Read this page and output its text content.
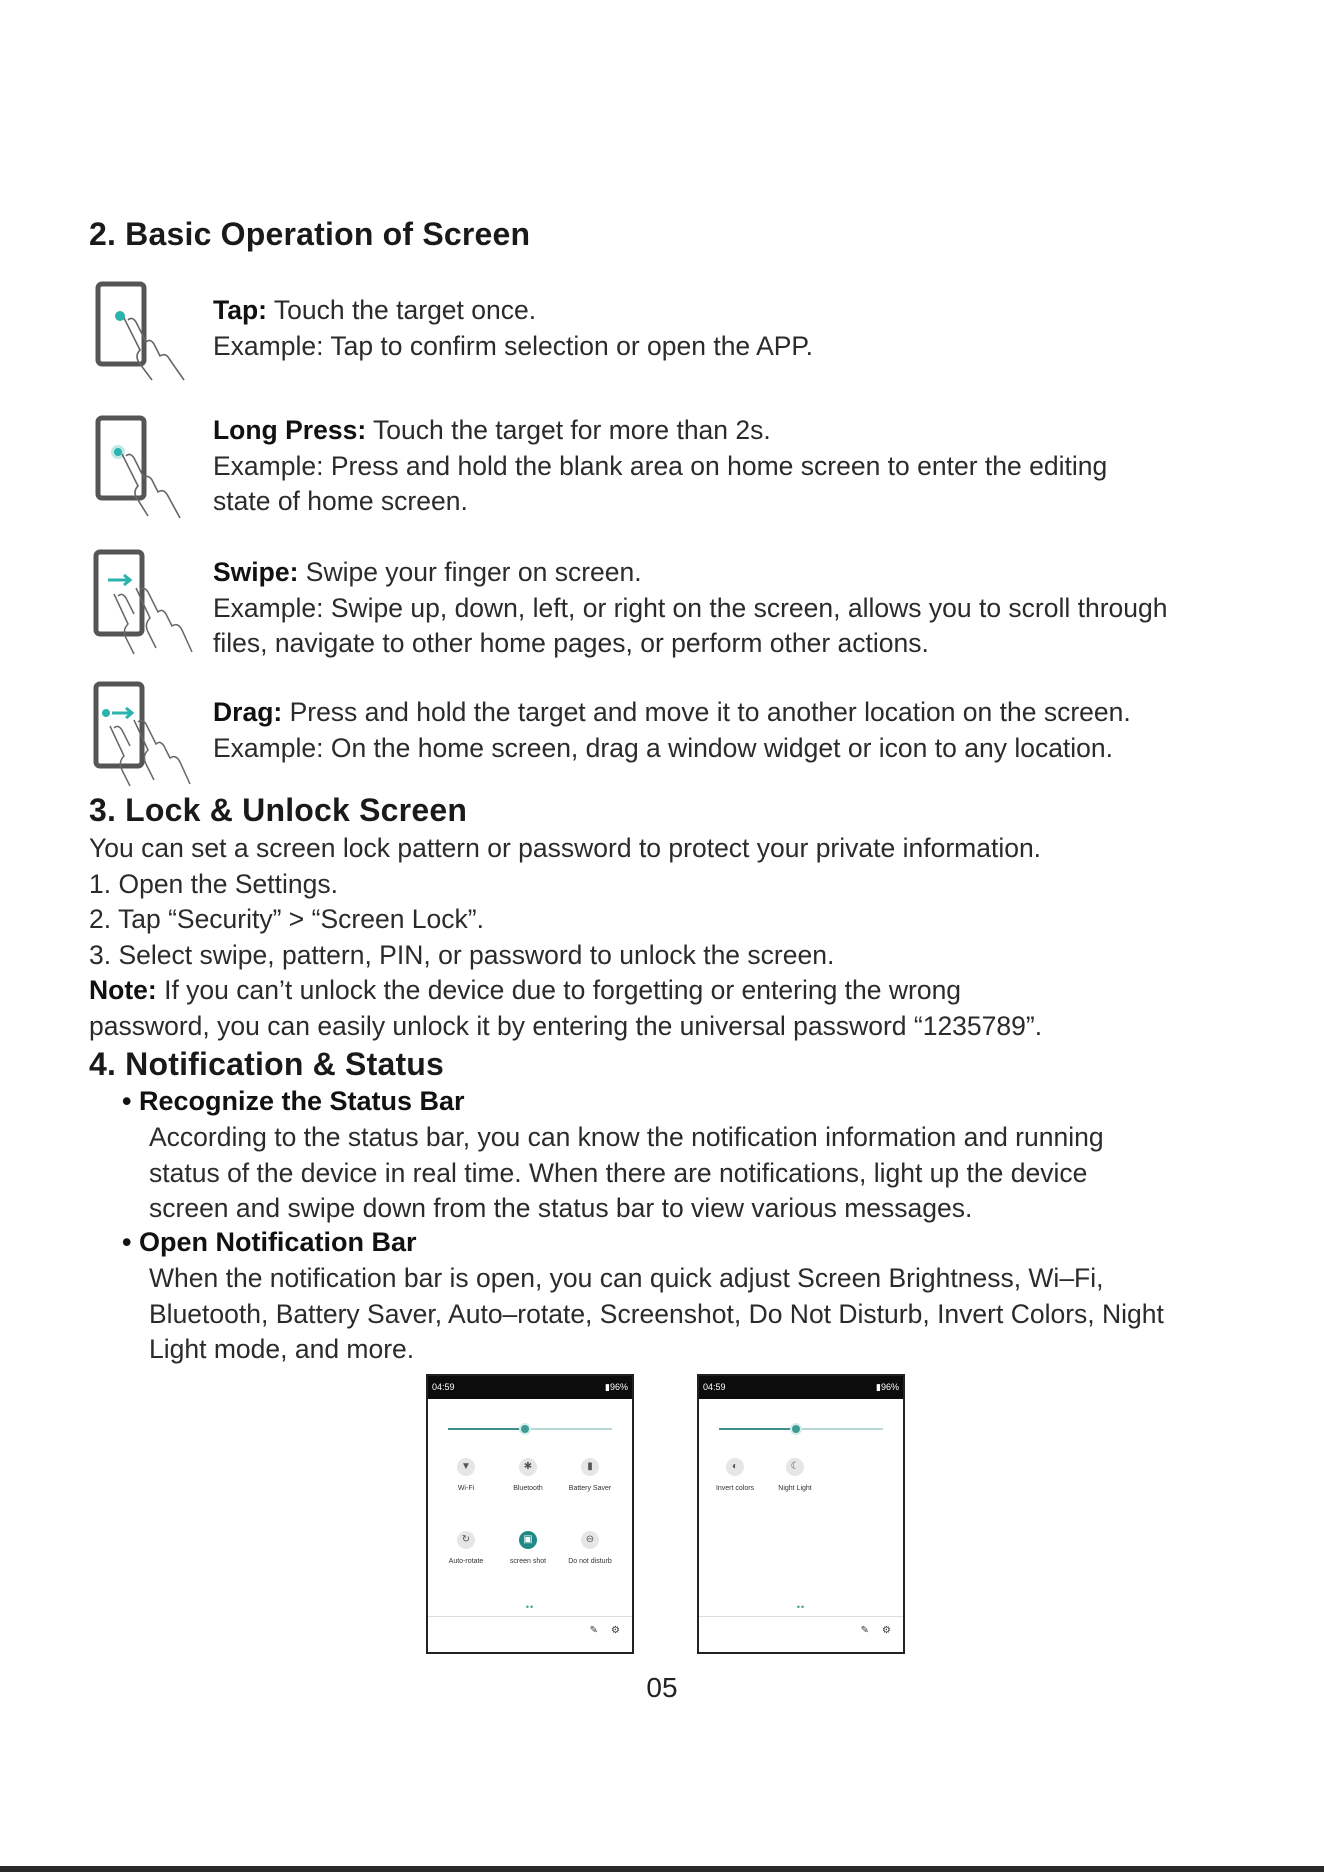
2. Basic Operation of Screen
Tap: Touch the target once.
Example: Tap to confirm selection or open the APP.
Long Press: Touch the target for more than 2s.
Example: Press and hold the blank area on home screen to enter the editing
state of home screen.
Swipe: Swipe your finger on screen.
Example: Swipe up, down, left, or right on the screen, allows you to scroll through
files, navigate to other home pages, or perform other actions.
Drag: Press and hold the target and move it to another location on the screen.
Example: On the home screen, drag a window widget or icon to any location.
3. Lock & Unlock Screen
You can set a screen lock pattern or password to protect your private information.
1. Open the Settings.
2. Tap “Security” > “Screen Lock”.
3. Select swipe, pattern, PIN, or password to unlock the screen.
Note: If you can’t unlock the device due to forgetting or entering the wrong
password, you can easily unlock it by entering the universal password “1235789”.
4. Notification & Status
• Recognize the Status Bar
According to the status bar, you can know the notification information and running
status of the device in real time. When there are notifications, light up the device
screen and swipe down from the status bar to view various messages.
• Open Notification Bar
When the notification bar is open, you can quick adjust Screen Brightness, Wi–Fi,
Bluetooth, Battery Saver, Auto–rotate, Screenshot, Do Not Disturb, Invert Colors, Night
Light mode, and more.
04:59	▮96%
▼
Wi-Fi
✱
Bluetooth
▮
Battery Saver
↻
Auto-rotate
▣
screen shot
⊖
Do not disturb
••
✎ ⚙
04:59	▮96%
◐
Invert colors
☾
Night Light
••
✎ ⚙
05
